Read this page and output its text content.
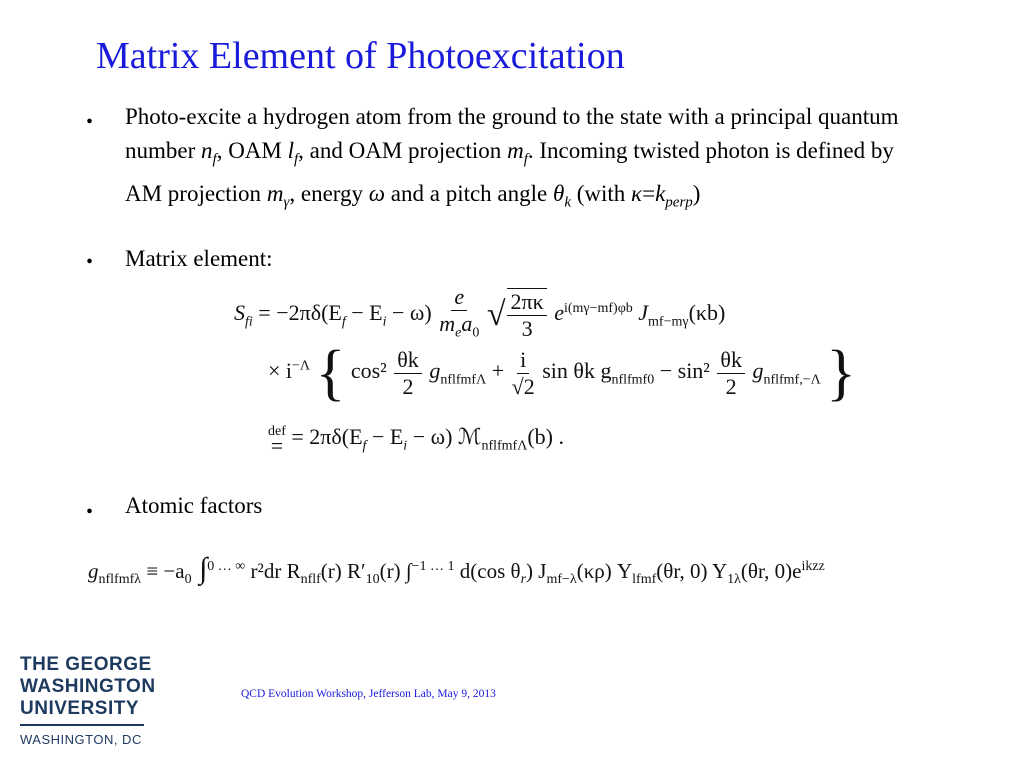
Matrix Element of Photoexcitation
. Photo-excite a hydrogen atom from the ground to the state with a principal quantum number $n_f$, OAM $l_f$, and OAM projection $m_f$. Incoming twisted photon is defined by AM projection $m_\gamma$, energy ω and a pitch angle $\theta_k$ (with $\kappa=k_{perp}$)
. Matrix element:
$S_{fi} = -2\pi\delta(E_f - E_i - \omega) \frac{e}{m_ea_0}$ √ $\frac{2\pi\kappa}{3} e^{i(m\gamma-mf)\varphi b}$ $J_{mf-m\gamma}(\kappa b)$
× $i^{-\Lambda}$ { $\cos^2 \frac{\theta k}{2} g_{nflfmf\Lambda} + \frac{i}{√2}$ sin θk $g_{nflfmf0} - \sin^2 \frac{\theta k}{2} g_{nflfmf,-\Lambda}$ }
def
= = $2\pi\delta(E_f - E_i - \omega)$ ℳ$_{nflfmf\Lambda}$(b) .
. Atomic factors
$g_{nflfmf\lambda} \equiv -a_0$ ∫$^{0 \dots \infty}$ r²dr $R_{nflf}(r)$ $R'_{10}(r)$ ∫$^{-1 \dots 1}$ d(cos $\theta_r$) $J_{mf-\lambda}(\kappa\rho)$ $Y_{lfmf}(\theta r$, 0) $Y_{1\lambda}(\theta r$, $0)e^{ikzz}$
THE GEORGE
WASHINGTON
UNIVERSITY
WASHINGTON, DC
QCD Evolution Workshop, Jefferson Lab, May 9, 2013
